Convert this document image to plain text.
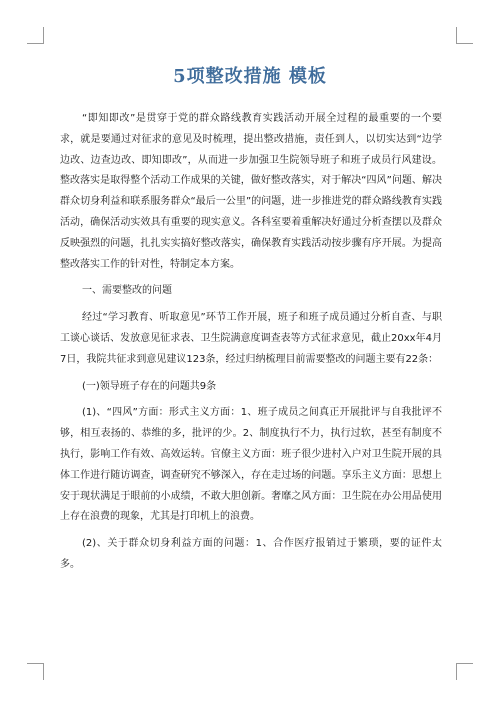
5项整改措施 模板

“即知即改”是贯穿于党的群众路线教育实践活动开展全过程的最重要的一个要求，就是要通过对征求的意见及时梳理，提出整改措施，责任到人，以切实达到“边学边改、边查边改、即知即改”，从而进一步加强卫生院领导班子和班子成员行风建设。整改落实是取得整个活动工作成果的关键，做好整改落实，对于解决“四风”问题、解决群众切身利益和联系服务群众“最后一公里”的问题，进一步推进党的群众路线教育实践活动，确保活动实效具有重要的现实意义。各科室要着重解决好通过分析查摆以及群众反映强烈的问题，扎扎实实搞好整改落实，确保教育实践活动按步骤有序开展。为提高整改落实工作的针对性，特制定本方案。

一、需要整改的问题

经过“学习教育、听取意见”环节工作开展，班子和班子成员通过分析自查、与职工谈心谈话、发放意见征求表、卫生院满意度调查表等方式征求意见，截止20xx年4月7日，我院共征求到意见建议123条，经过归纳梳理目前需要整改的问题主要有22条：

(一)领导班子存在的问题共9条

(1)、“四风”方面：形式主义方面：1、班子成员之间真正开展批评与自我批评不够，相互表扬的、恭维的多，批评的少。2、制度执行不力，执行过软，甚至有制度不执行，影响工作有效、高效运转。官僚主义方面：班子很少进村入户对卫生院开展的具体工作进行随访调查，调查研究不够深入，存在走过场的问题。享乐主义方面：思想上安于现状满足于眼前的小成绩，不敢大胆创新。奢靡之风方面：卫生院在办公用品使用上存在浪费的现象，尤其是打印机上的浪费。

(2)、关于群众切身利益方面的问题：1、合作医疗报销过于繁琐，要的证件太多。
